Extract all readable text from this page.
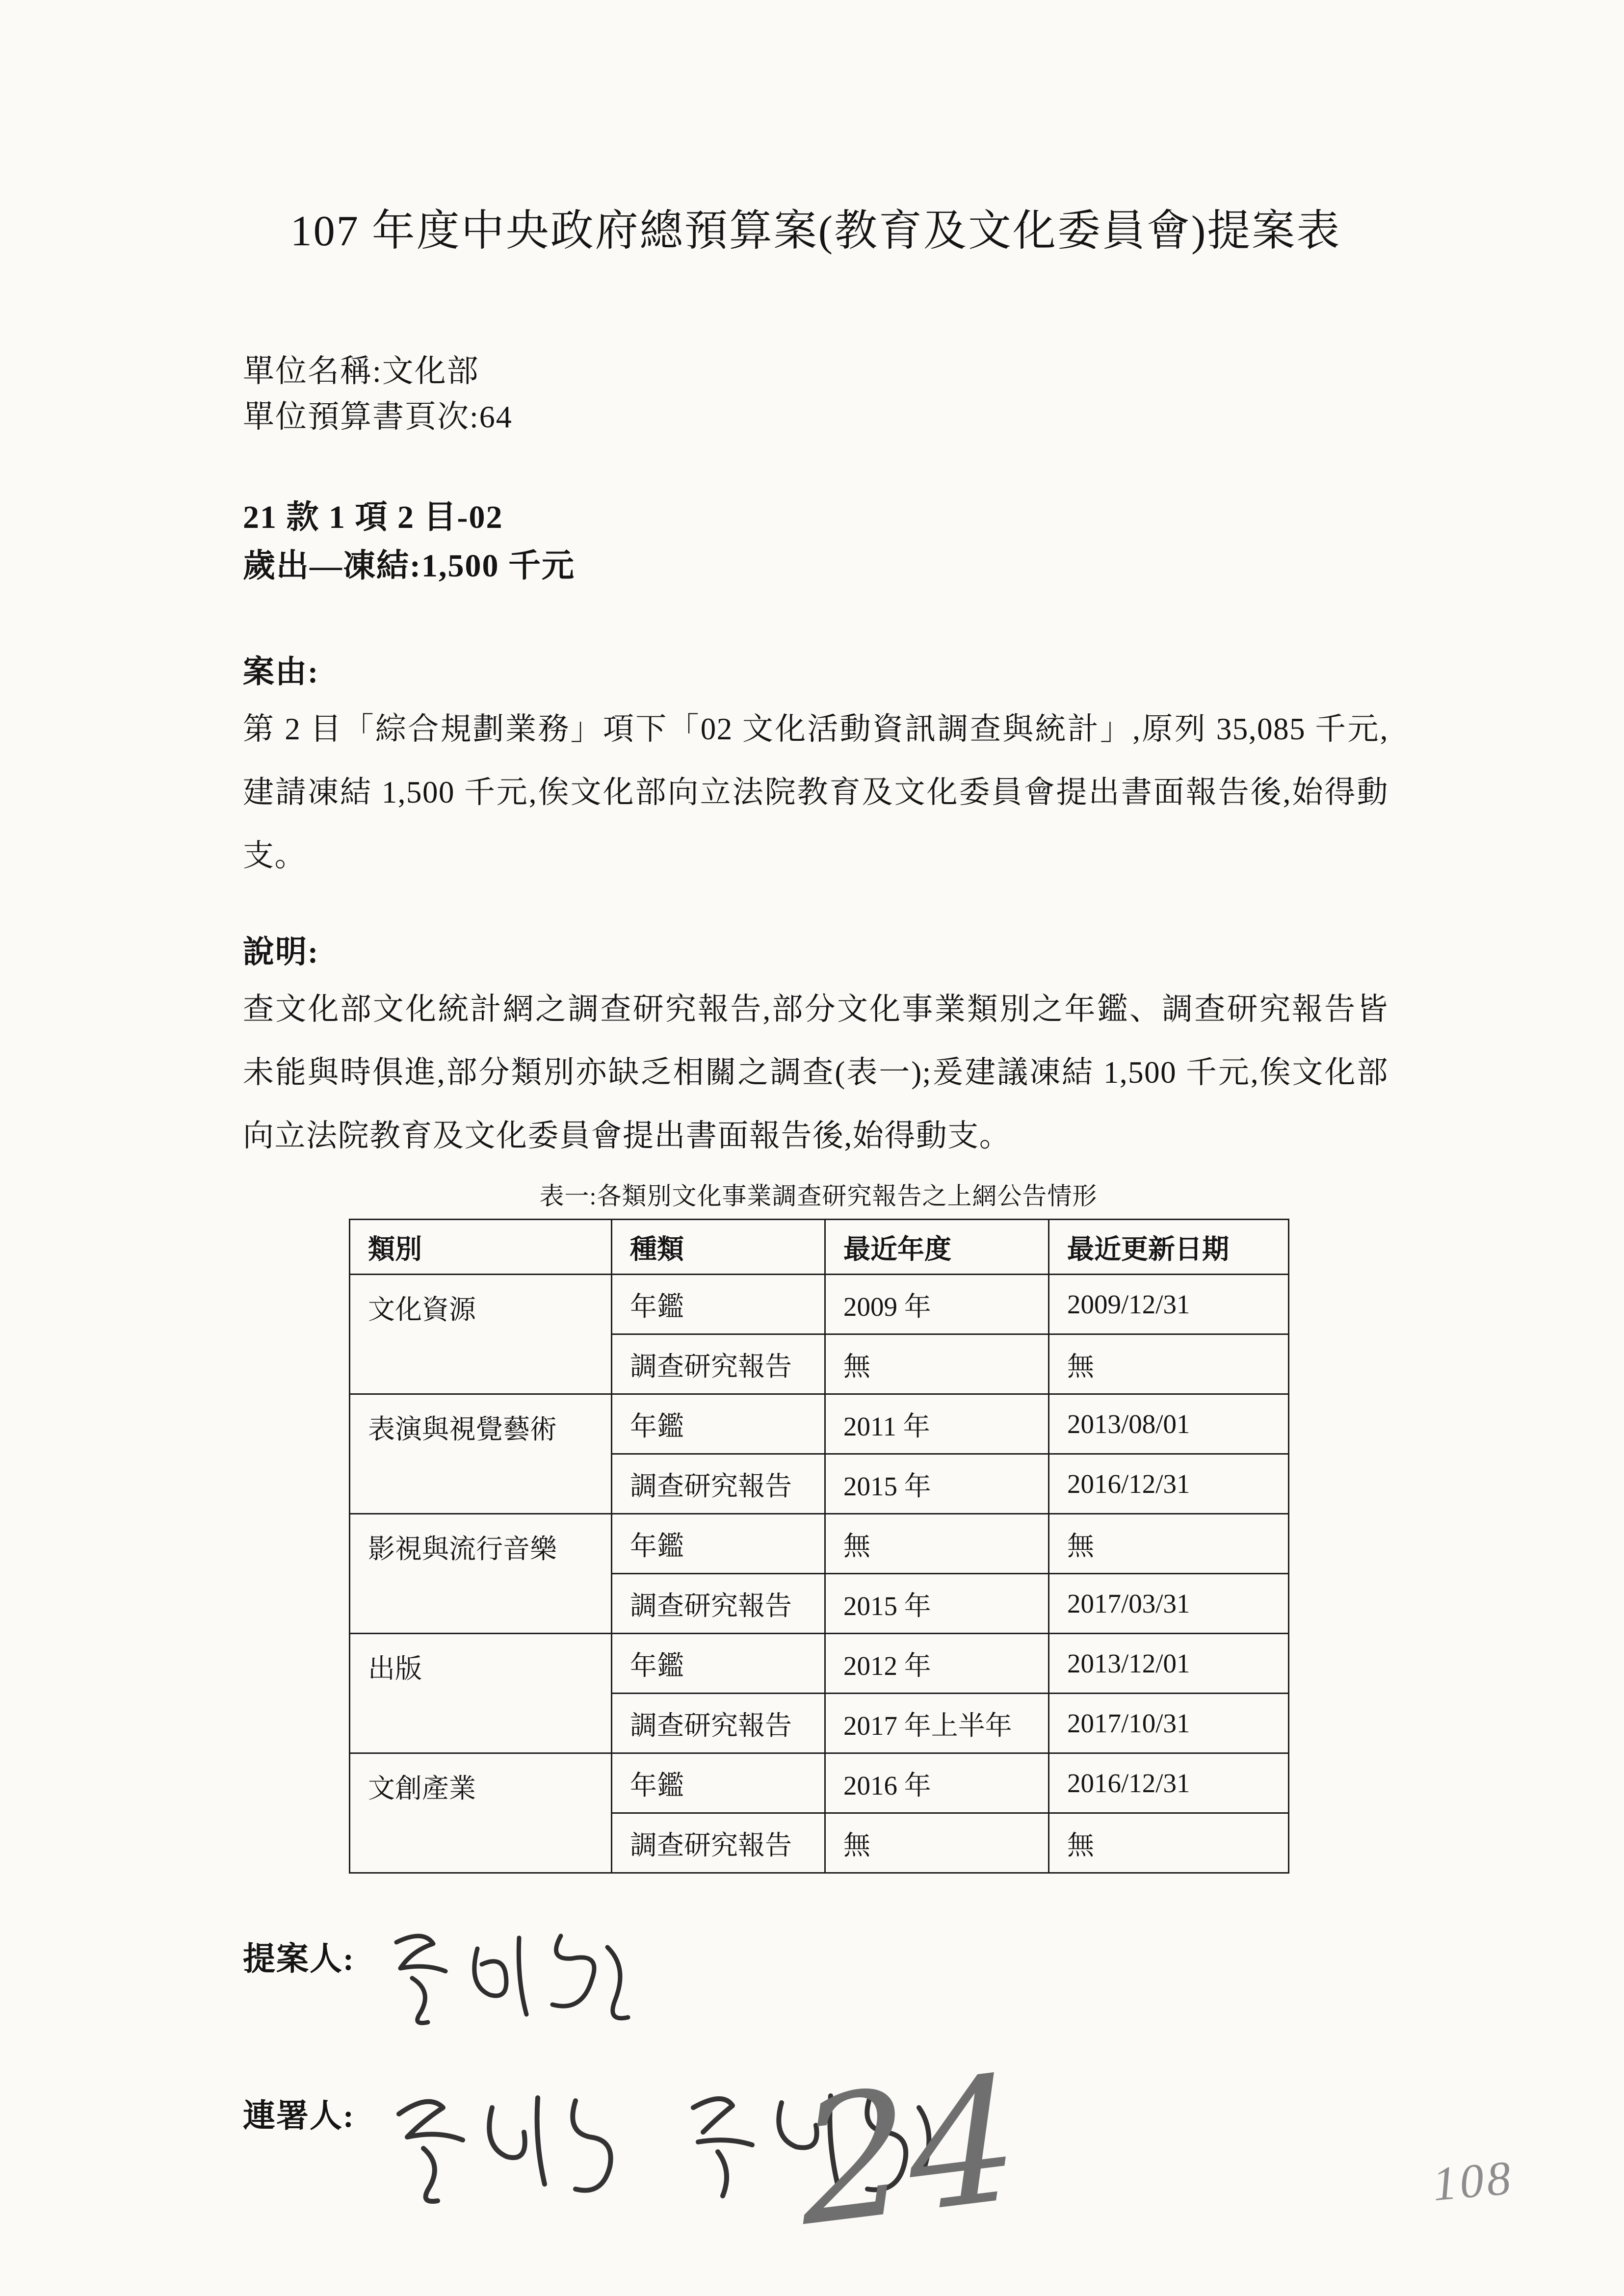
107 年度中央政府總預算案(教育及文化委員會)提案表

單位名稱:文化部

單位預算書頁次:64

21 款 1 項 2 目-02

歲出—凍結:1,500 千元

案由:

第 2 目「綜合規劃業務」項下「02 文化活動資訊調查與統計」,原列 35,085 千元,建請凍結 1,500 千元,俟文化部向立法院教育及文化委員會提出書面報告後,始得動支。

說明:

查文化部文化統計網之調查研究報告,部分文化事業類別之年鑑、調查研究報告皆未能與時俱進,部分類別亦缺乏相關之調查(表一);爰建議凍結 1,500 千元,俟文化部向立法院教育及文化委員會提出書面報告後,始得動支。

表一:各類別文化事業調查研究報告之上網公告情形

類別	種類	最近年度	最近更新日期
文化資源	年鑑	2009 年	2009/12/31
	調查研究報告	無	無
表演與視覺藝術	年鑑	2011 年	2013/08/01
	調查研究報告	2015 年	2016/12/31
影視與流行音樂	年鑑	無	無
	調查研究報告	2015 年	2017/03/31
出版	年鑑	2012 年	2013/12/01
	調查研究報告	2017 年上半年	2017/10/31
文創產業	年鑑	2016 年	2016/12/31
	調查研究報告	無	無
提案人:
連署人:	24	108
